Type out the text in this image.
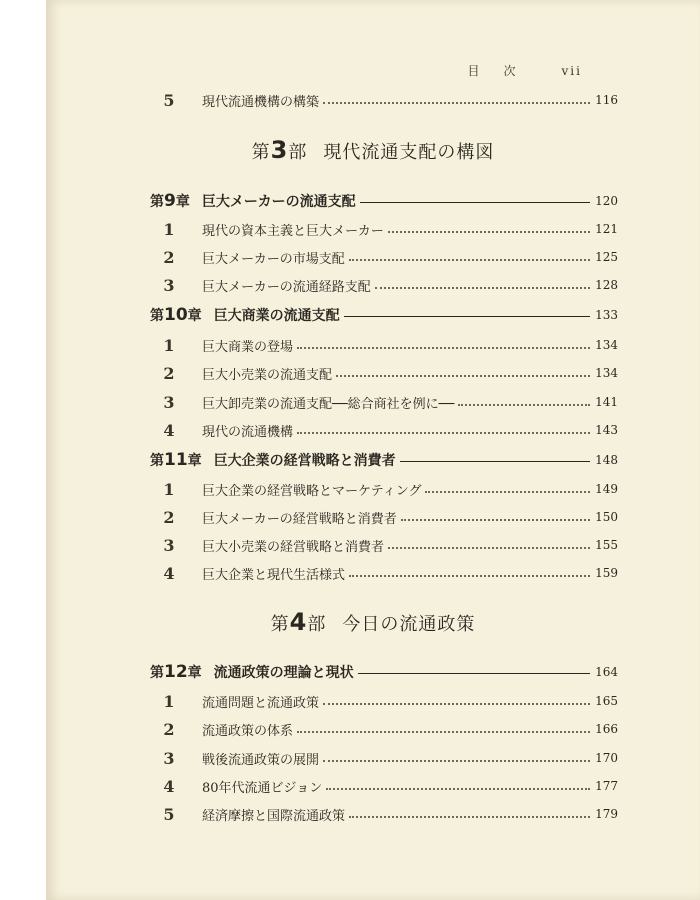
目次 vii
5	現代流通機構の構築	116
第3部 現代流通支配の構図
第9章 巨大メーカーの流通支配	120
1	現代の資本主義と巨大メーカー	121
2	巨大メーカーの市場支配	125
3	巨大メーカーの流通経路支配	128
第10章 巨大商業の流通支配	133
1	巨大商業の登場	134
2	巨大小売業の流通支配	134
3	巨大卸売業の流通支配──総合商社を例に──	141
4	現代の流通機構	143
第11章 巨大企業の経営戦略と消費者	148
1	巨大企業の経営戦略とマーケティング	149
2	巨大メーカーの経営戦略と消費者	150
3	巨大小売業の経営戦略と消費者	155
4	巨大企業と現代生活様式	159
第4部 今日の流通政策
第12章 流通政策の理論と現状	164
1	流通問題と流通政策	165
2	流通政策の体系	166
3	戦後流通政策の展開	170
4	80年代流通ビジョン	177
5	経済摩擦と国際流通政策	179
